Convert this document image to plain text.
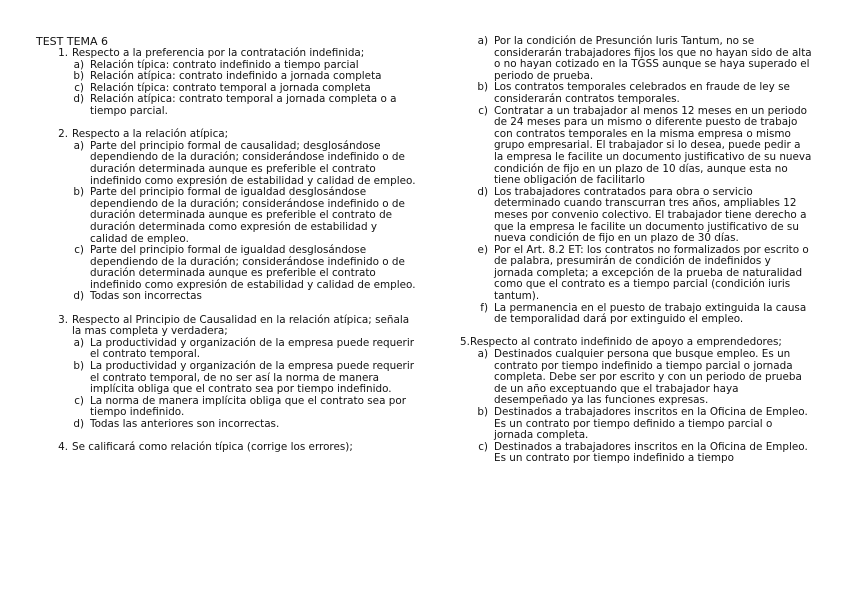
TEST TEMA 6
1. Respecto a la preferencia por la contratación indefinida;
a) Relación típica: contrato indefinido a tiempo parcial
b) Relación atípica: contrato indefinido a jornada completa
c) Relación típica: contrato temporal a jornada completa
d) Relación atípica: contrato temporal a jornada completa o a tiempo parcial.
2. Respecto a la relación atípica;
a) Parte del principio formal de causalidad; desglosándose dependiendo de la duración; considerándose indefinido o de duración determinada aunque es preferible el contrato indefinido como expresión de estabilidad y calidad de empleo.
b) Parte del principio formal de igualdad desglosándose dependiendo de la duración; considerándose indefinido o de duración determinada aunque es preferible el contrato de duración determinada como expresión de estabilidad y calidad de empleo.
c) Parte del principio formal de igualdad desglosándose dependiendo de la duración; considerándose indefinido o de duración determinada aunque es preferible el contrato indefinido como expresión de estabilidad y calidad de empleo.
d) Todas son incorrectas
3. Respecto al Principio de Causalidad en la relación atípica; señala la mas completa y verdadera;
a) La productividad y organización de la empresa puede requerir el contrato temporal.
b) La productividad y organización de la empresa puede requerir el contrato temporal, de no ser así la norma de manera implícita obliga que el contrato sea por tiempo indefinido.
c) La norma de manera implícita obliga que el contrato sea por tiempo indefinido.
d) Todas las anteriores son incorrectas.
4. Se calificará como relación típica (corrige los errores);
a) Por la condición de Presunción Iuris Tantum, no se considerarán trabajadores fijos los que no hayan sido de alta o no hayan cotizado en la TGSS aunque se haya superado el periodo de prueba.
b) Los contratos temporales celebrados en fraude de ley se considerarán contratos temporales.
c) Contratar a un trabajador al menos 12 meses en un periodo de 24 meses para un mismo o diferente puesto de trabajo con contratos temporales en la misma empresa o mismo grupo empresarial. El trabajador si lo desea, puede pedir a la empresa le facilite un documento justificativo de su nueva condición de fijo en un plazo de 10 días, aunque esta no tiene obligación de facilitarlo
d) Los trabajadores contratados para obra o servicio determinado cuando transcurran tres años, ampliables 12 meses por convenio colectivo. El trabajador tiene derecho a que la empresa le facilite un documento justificativo de su nueva condición de fijo en un plazo de 30 días.
e) Por el Art. 8.2 ET: los contratos no formalizados por escrito o de palabra, presumirán de condición de indefinidos y jornada completa; a excepción de la prueba de naturalidad como que el contrato es a tiempo parcial (condición iuris tantum).
f) La permanencia en el puesto de trabajo extinguida la causa de temporalidad dará por extinguido el empleo.
5. Respecto al contrato indefinido de apoyo a emprendedores;
a) Destinados cualquier persona que busque empleo. Es un contrato por tiempo indefinido a tiempo parcial o jornada completa. Debe ser por escrito y con un periodo de prueba de un año exceptuando que el trabajador haya desempeñado ya las funciones expresas.
b) Destinados a trabajadores inscritos en la Oficina de Empleo. Es un contrato por tiempo definido a tiempo parcial o jornada completa.
c) Destinados a trabajadores inscritos en la Oficina de Empleo. Es un contrato por tiempo indefinido a tiempo
